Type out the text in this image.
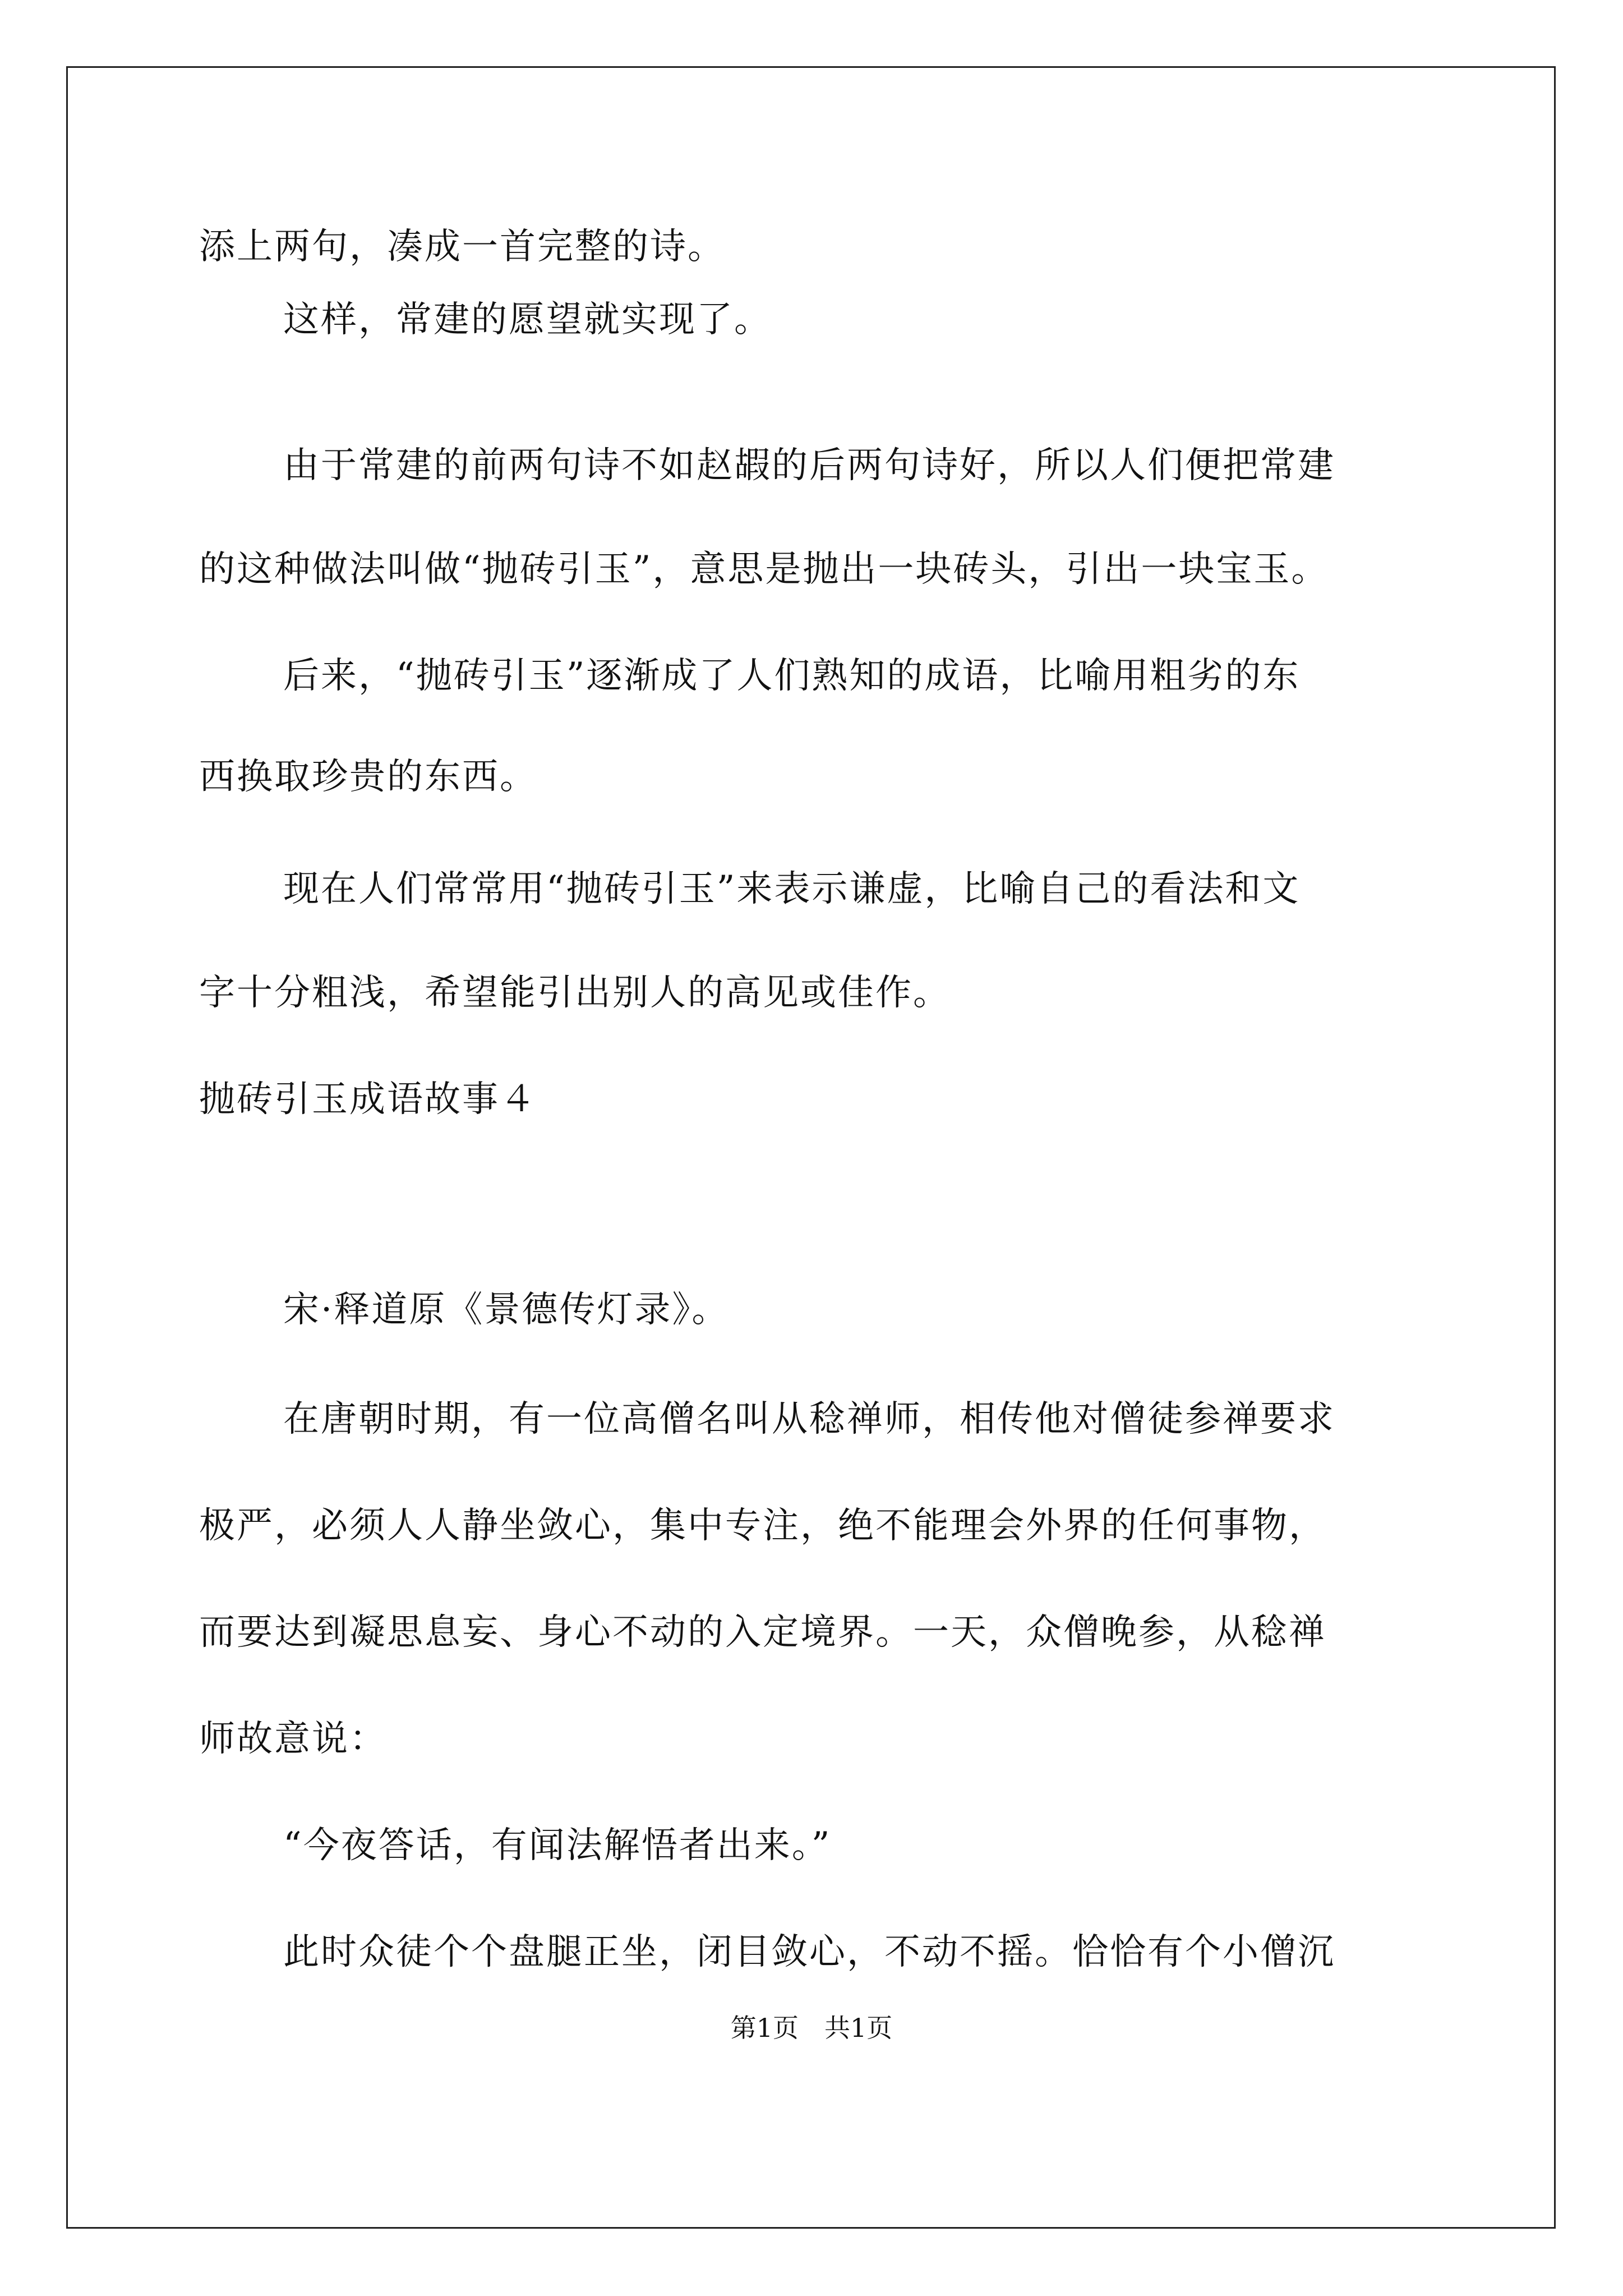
添上两句，凑成一首完整的诗。
这样，常建的愿望就实现了。
由于常建的前两句诗不如赵嘏的后两句诗好，所以人们便把常建
的这种做法叫做“抛砖引玉”，意思是抛出一块砖头，引出一块宝玉。
后来，“抛砖引玉”逐渐成了人们熟知的成语，比喻用粗劣的东
西换取珍贵的东西。
现在人们常常用“抛砖引玉”来表示谦虚，比喻自己的看法和文
字十分粗浅，希望能引出别人的高见或佳作。
抛砖引玉成语故事４
宋·释道原《景德传灯录》。
在唐朝时期，有一位高僧名叫从稔禅师，相传他对僧徒参禅要求
极严，必须人人静坐敛心，集中专注，绝不能理会外界的任何事物，
而要达到凝思息妄、身心不动的入定境界。一天，众僧晚参，从稔禅
师故意说：
“今夜答话，有闻法解悟者出来。”
此时众徒个个盘腿正坐，闭目敛心，不动不摇。恰恰有个小僧沉
第1页　共1页
